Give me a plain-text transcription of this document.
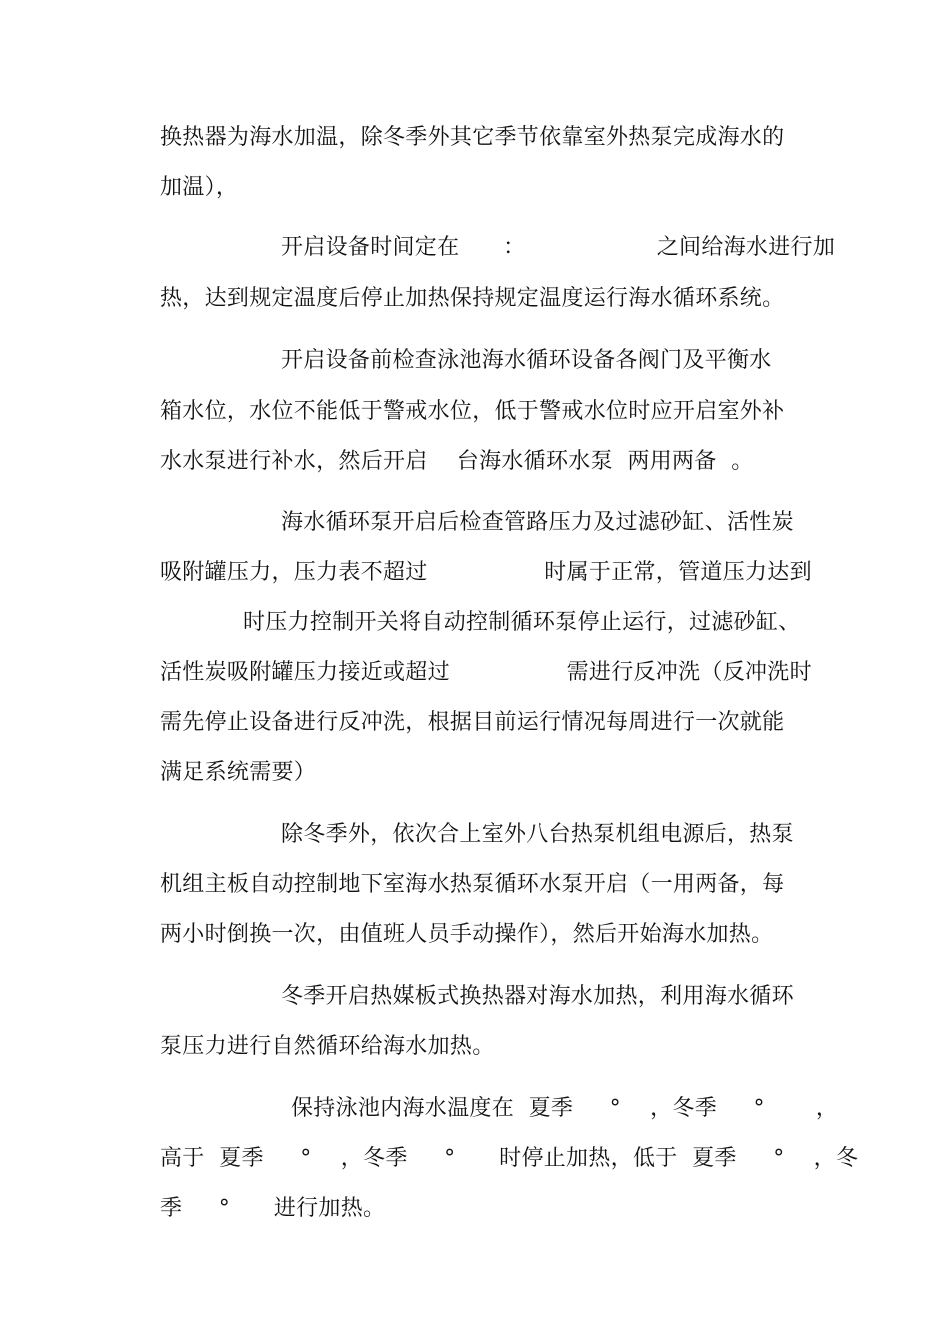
换热器为海水加温，除冬季外其它季节依靠室外热泵完成海水的
加温），
开启设备时间定在      ：                  之间给海水进行加
热，达到规定温度后停止加热保持规定温度运行海水循环系统。
开启设备前检查泳池海水循环设备各阀门及平衡水
箱水位，水位不能低于警戒水位，低于警戒水位时应开启室外补
水水泵进行补水，然后开启    台海水循环水泵  两用两备  。
海水循环泵开启后检查管路压力及过滤砂缸、活性炭
吸附罐压力，压力表不超过                时属于正常，管道压力达到
时压力控制开关将自动控制循环泵停止运行，过滤砂缸、
活性炭吸附罐压力接近或超过                需进行反冲洗（反冲洗时
需先停止设备进行反冲洗，根据目前运行情况每周进行一次就能
满足系统需要）
除冬季外，依次合上室外八台热泵机组电源后，热泵
机组主板自动控制地下室海水热泵循环水泵开启（一用两备，每
两小时倒换一次，由值班人员手动操作），然后开始海水加热。
冬季开启热媒板式换热器对海水加热，利用海水循环
泵压力进行自然循环给海水加热。
保持泳池内海水温度在  夏季     °    ，冬季     °       ，
高于  夏季     °    ，冬季     °      时停止加热，低于  夏季     °    ，冬
季     °      进行加热。
